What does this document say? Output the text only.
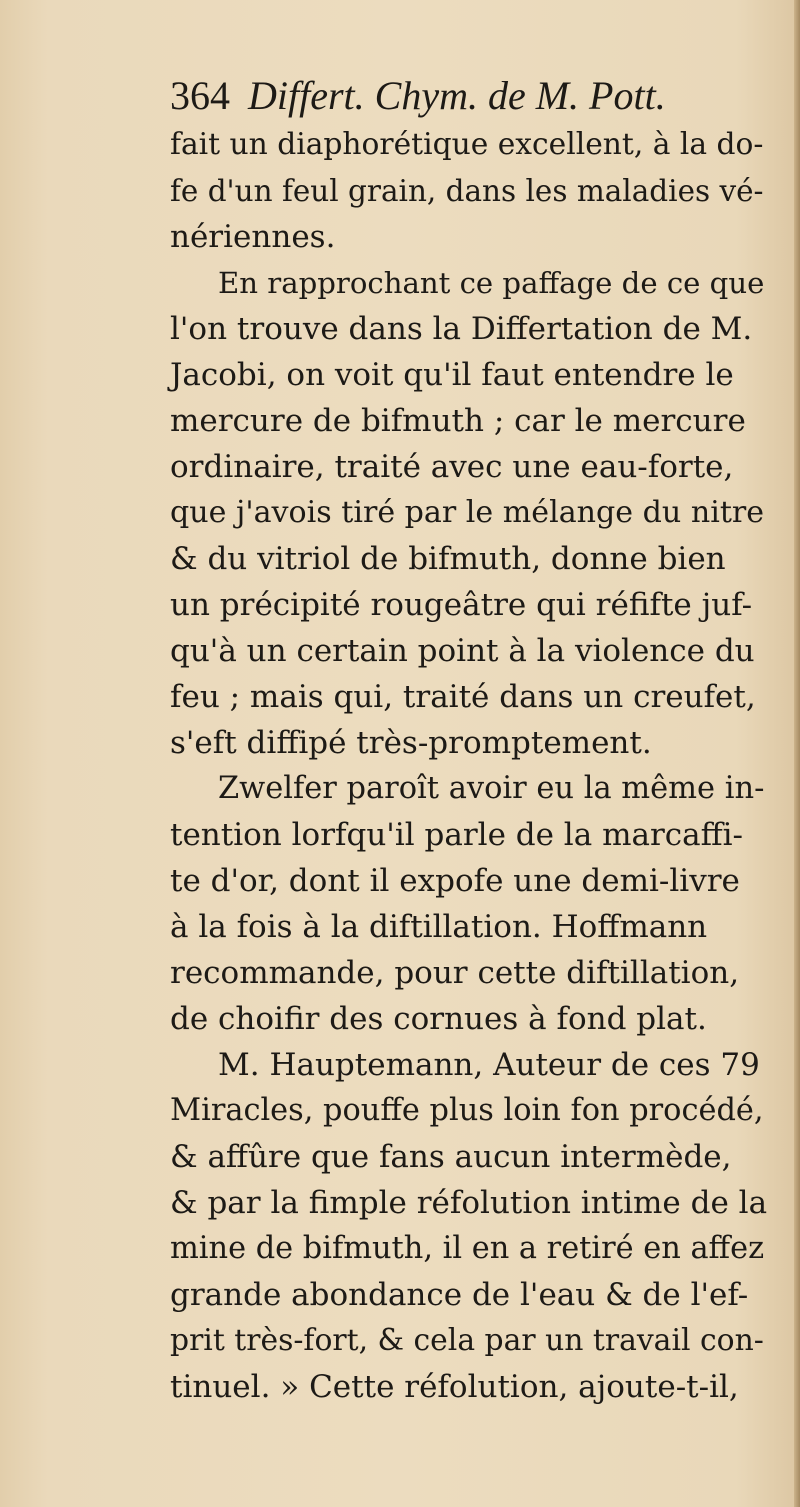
364 Differt. Chym. de M. Pott.
fait un diaphorétique excellent, à la do-
fe d'un feul grain, dans les maladies vé-
nériennes.
En rapprochant ce paffage de ce que
l'on trouve dans la Differtation de M.
Jacobi, on voit qu'il faut entendre le
mercure de bifmuth ; car le mercure
ordinaire, traité avec une eau-forte,
que j'avois tiré par le mélange du nitre
& du vitriol de bifmuth, donne bien
un précipité rougeâtre qui réfifte juf-
qu'à un certain point à la violence du
feu ; mais qui, traité dans un creufet,
s'eft diffipé très-promptement.
Zwelfer paroît avoir eu la même in-
tention lorfqu'il parle de la marcaffi-
te d'or, dont il expofe une demi-livre
à la fois à la diftillation. Hoffmann
recommande, pour cette diftillation,
de choifir des cornues à fond plat.
M. Hauptemann, Auteur de ces 79
Miracles, pouffe plus loin fon procédé,
& affûre que fans aucun intermède,
& par la fimple réfolution intime de la
mine de bifmuth, il en a retiré en affez
grande abondance de l'eau & de l'ef-
prit très-fort, & cela par un travail con-
tinuel. » Cette réfolution, ajoute-t-il,
